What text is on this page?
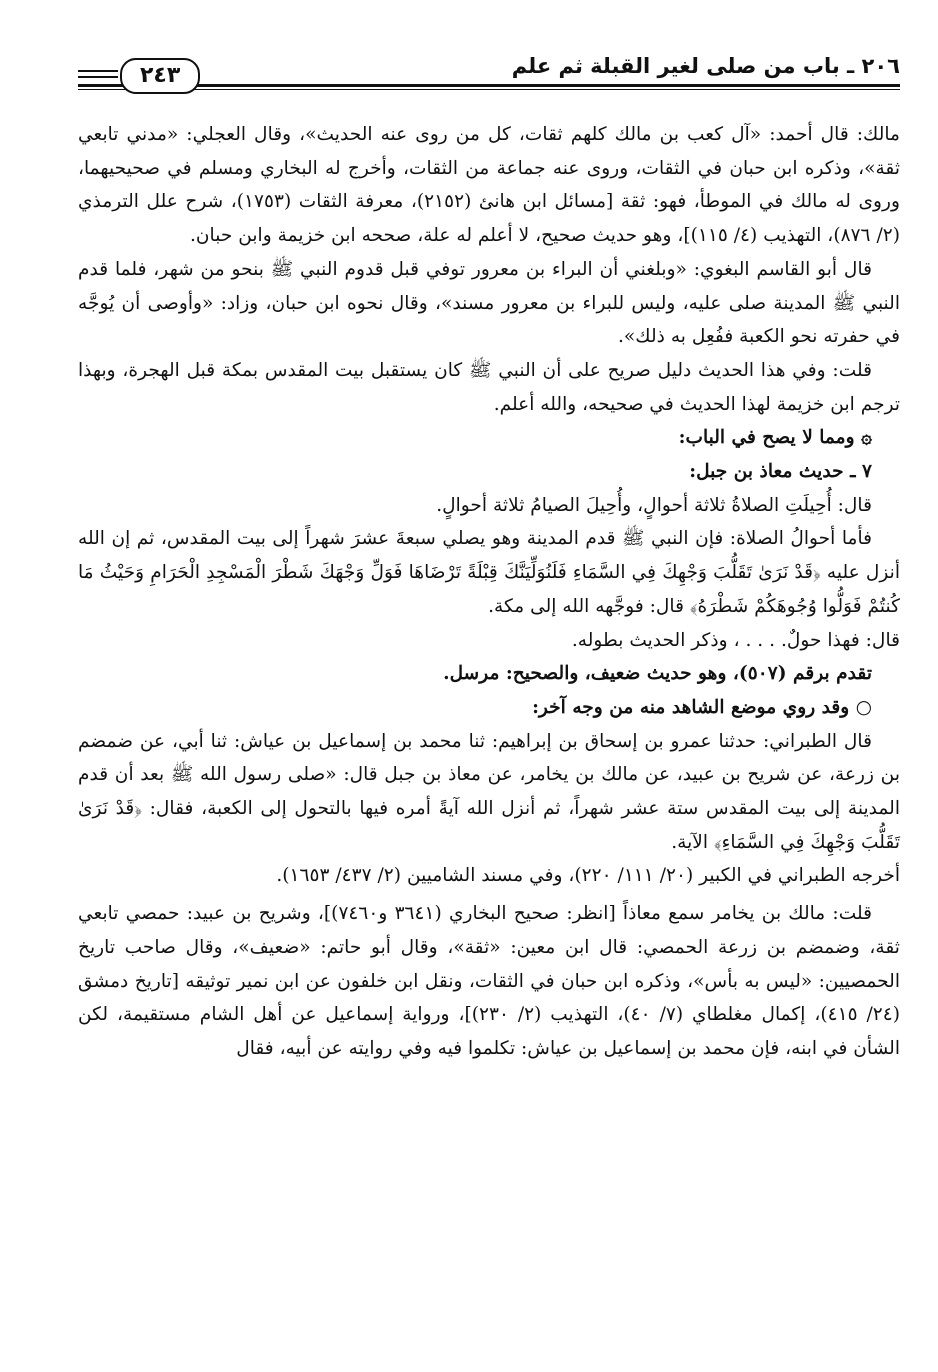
٢٠٦ ـ باب من صلى لغير القبلة ثم علم
٢٤٣

مالك: قال أحمد: «آل كعب بن مالك كلهم ثقات، كل من روى عنه الحديث»، وقال العجلي: «مدني تابعي ثقة»، وذكره ابن حبان في الثقات، وروى عنه جماعة من الثقات، وأخرج له البخاري ومسلم في صحيحيهما، وروى له مالك في الموطأ، فهو: ثقة [مسائل ابن هانئ (٢١٥٢)، معرفة الثقات (١٧٥٣)، شرح علل الترمذي (٢/ ٨٧٦)، التهذيب (٤/ ١١٥)]، وهو حديث صحيح، لا أعلم له علة، صححه ابن خزيمة وابن حبان.

قال أبو القاسم البغوي: «وبلغني أن البراء بن معرور توفي قبل قدوم النبي ﷺ بنحو من شهر، فلما قدم النبي ﷺ المدينة صلى عليه، وليس للبراء بن معرور مسند»، وقال نحوه ابن حبان، وزاد: «وأوصى أن يُوجَّه في حفرته نحو الكعبة ففُعِل به ذلك».

قلت: وفي هذا الحديث دليل صريح على أن النبي ﷺ كان يستقبل بيت المقدس بمكة قبل الهجرة، وبهذا ترجم ابن خزيمة لهذا الحديث في صحيحه، والله أعلم.

۞ ومما لا يصح في الباب:

٧ ـ حديث معاذ بن جبل:

قال: أُحِيلَتِ الصلاةُ ثلاثة أحوالٍ، وأُحِيلَ الصيامُ ثلاثة أحوالٍ.

فأما أحوالُ الصلاة: فإن النبي ﷺ قدم المدينة وهو يصلي سبعةَ عشرَ شهراً إلى بيت المقدس، ثم إن الله أنزل عليه ﴿قَدْ نَرَىٰ تَقَلُّبَ وَجْهِكَ فِي السَّمَاءِ فَلَنُوَلِّيَنَّكَ قِبْلَةً تَرْضَاهَا فَوَلِّ وَجْهَكَ شَطْرَ الْمَسْجِدِ الْحَرَامِ وَحَيْثُ مَا كُنتُمْ فَوَلُّوا وُجُوهَكُمْ شَطْرَهُ﴾ قال: فوجَّهه الله إلى مكة.

قال: فهذا حولٌ. . . . ، وذكر الحديث بطوله.

تقدم برقم (٥٠٧)، وهو حديث ضعيف، والصحيح: مرسل.

○ وقد روي موضع الشاهد منه من وجه آخر:

قال الطبراني: حدثنا عمرو بن إسحاق بن إبراهيم: ثنا محمد بن إسماعيل بن عياش: ثنا أبي، عن ضمضم بن زرعة، عن شريح بن عبيد، عن مالك بن يخامر، عن معاذ بن جبل قال: «صلى رسول الله ﷺ بعد أن قدم المدينة إلى بيت المقدس ستة عشر شهراً، ثم أنزل الله آيةً أمره فيها بالتحول إلى الكعبة، فقال: ﴿قَدْ نَرَىٰ تَقَلُّبَ وَجْهِكَ فِي السَّمَاءِ﴾ الآية.

أخرجه الطبراني في الكبير (٢٠/ ١١١/ ٢٢٠)، وفي مسند الشاميين (٢/ ٤٣٧/ ١٦٥٣).

قلت: مالك بن يخامر سمع معاذاً [انظر: صحيح البخاري (٣٦٤١ و٧٤٦٠)]، وشريح بن عبيد: حمصي تابعي ثقة، وضمضم بن زرعة الحمصي: قال ابن معين: «ثقة»، وقال أبو حاتم: «ضعيف»، وقال صاحب تاريخ الحمصيين: «ليس به بأس»، وذكره ابن حبان في الثقات، ونقل ابن خلفون عن ابن نمير توثيقه [تاريخ دمشق (٢٤/ ٤١٥)، إكمال مغلطاي (٧/ ٤٠)، التهذيب (٢/ ٢٣٠)]، ورواية إسماعيل عن أهل الشام مستقيمة، لكن الشأن في ابنه، فإن محمد بن إسماعيل بن عياش: تكلموا فيه وفي روايته عن أبيه، فقال
